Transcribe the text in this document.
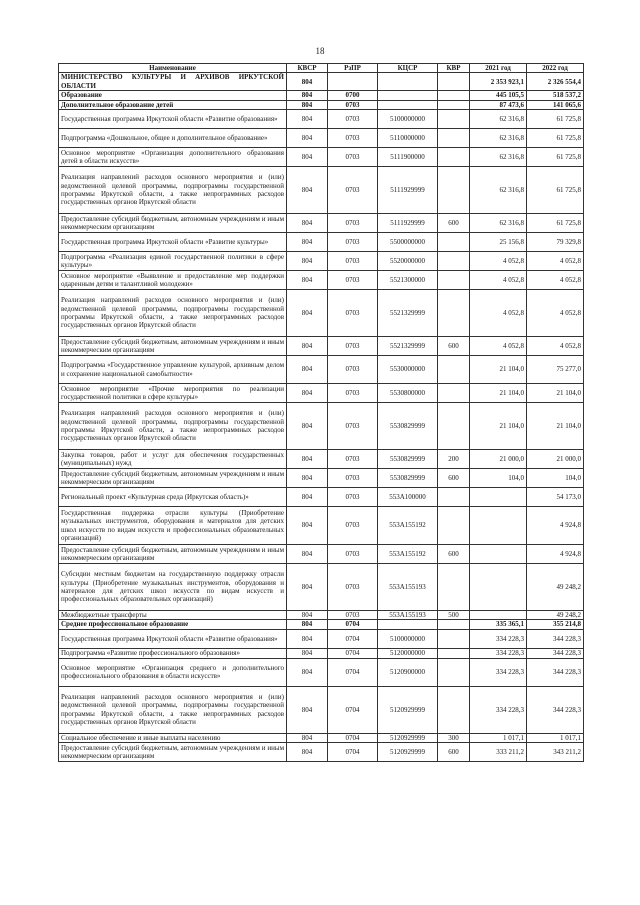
18
Наименование	КВСР	РзПР	КЦСР	КВР	2021 год	2022 год
МИНИСТЕРСТВО КУЛЬТУРЫ И АРХИВОВ ИРКУТСКОЙ ОБЛАСТИ	804				2 353 923,1	2 326 554,4
Образование	804	0700			445 105,5	518 537,2
Дополнительное образование детей	804	0703			87 473,6	141 065,6
Государственная программа Иркутской области «Развитие образования»	804	0703	5100000000		62 316,8	61 725,8
Подпрограмма «Дошкольное, общее и дополнительное образование»	804	0703	5110000000		62 316,8	61 725,8
Основное мероприятие «Организация дополнительного образования детей в области искусств»	804	0703	5111900000		62 316,8	61 725,8
Реализация направлений расходов основного мероприятия и (или) ведомственной целевой программы, подпрограммы государственной программы Иркутской области, а также непрограммных расходов государственных органов Иркутской области	804	0703	5111929999		62 316,8	61 725,8
Предоставление субсидий бюджетным, автономным учреждениям и иным некоммерческим организациям	804	0703	5111929999	600	62 316,8	61 725,8
Государственная программа Иркутской области «Развитие культуры»	804	0703	5500000000		25 156,8	79 329,8
Подпрограмма «Реализация единой государственной политики в сфере культуры»	804	0703	5520000000		4 052,8	4 052,8
Основное мероприятие «Выявление и предоставление мер поддержки одаренным детям и талантливой молодежи»	804	0703	5521300000		4 052,8	4 052,8
Реализация направлений расходов основного мероприятия и (или) ведомственной целевой программы, подпрограммы государственной программы Иркутской области, а также непрограммных расходов государственных органов Иркутской области	804	0703	5521329999		4 052,8	4 052,8
Предоставление субсидий бюджетным, автономным учреждениям и иным некоммерческим организациям	804	0703	5521329999	600	4 052,8	4 052,8
Подпрограмма «Государственное управление культурой, архивным делом и сохранение национальной самобытности»	804	0703	5530000000		21 104,0	75 277,0
Основное мероприятие «Прочие мероприятия по реализации государственной политики в сфере культуры»	804	0703	5530800000		21 104,0	21 104,0
Реализация направлений расходов основного мероприятия и (или) ведомственной целевой программы, подпрограммы государственной программы Иркутской области, а также непрограммных расходов государственных органов Иркутской области	804	0703	5530829999		21 104,0	21 104,0
Закупка товаров, работ и услуг для обеспечения государственных (муниципальных) нужд	804	0703	5530829999	200	21 000,0	21 000,0
Предоставление субсидий бюджетным, автономным учреждениям и иным некоммерческим организациям	804	0703	5530829999	600	104,0	104,0
Региональный проект «Культурная среда (Иркутская область)»	804	0703	553A100000			54 173,0
Государственная поддержка отрасли культуры (Приобретение музыкальных инструментов, оборудования и материалов для детских школ искусств по видам искусств и профессиональных образовательных организаций)	804	0703	553A155192			4 924,8
Предоставление субсидий бюджетным, автономным учреждениям и иным некоммерческим организациям	804	0703	553A155192	600		4 924,8
Субсидии местным бюджетам на государственную поддержку отрасли культуры (Приобретение музыкальных инструментов, оборудования и материалов для детских школ искусств по видам искусств и профессиональных образовательных организаций)	804	0703	553A155193			49 248,2
Межбюджетные трансферты	804	0703	553A155193	500		49 248,2
Среднее профессиональное образование	804	0704			335 365,1	355 214,8
Государственная программа Иркутской области «Развитие образования»	804	0704	5100000000		334 228,3	344 228,3
Подпрограмма «Развитие профессионального образования»	804	0704	5120000000		334 228,3	344 228,3
Основное мероприятие «Организация среднего и дополнительного профессионального образования в области искусств»	804	0704	5120900000		334 228,3	344 228,3
Реализация направлений расходов основного мероприятия и (или) ведомственной целевой программы, подпрограммы государственной программы Иркутской области, а также непрограммных расходов государственных органов Иркутской области	804	0704	5120929999		334 228,3	344 228,3
Социальное обеспечение и иные выплаты населению	804	0704	5120929999	300	1 017,1	1 017,1
Предоставление субсидий бюджетным, автономным учреждениям и иным некоммерческим организациям	804	0704	5120929999	600	333 211,2	343 211,2
